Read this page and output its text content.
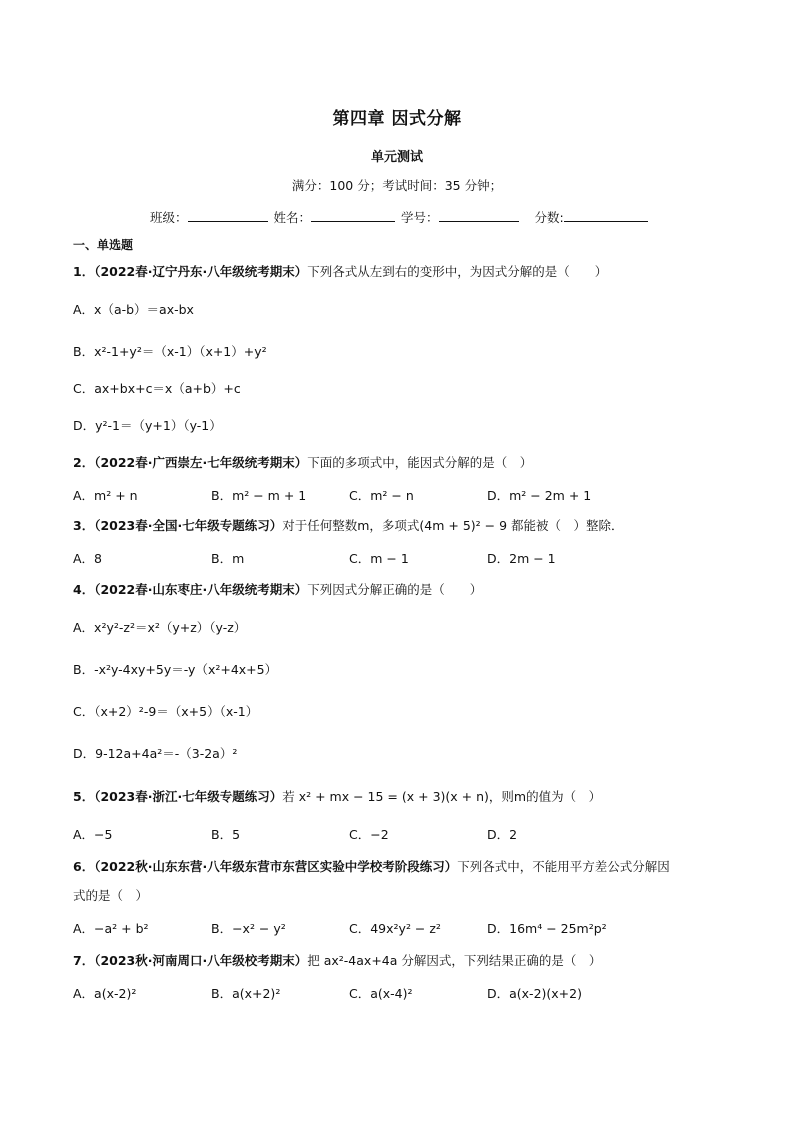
第四章 因式分解
单元测试
满分：100 分；考试时间：35 分钟；
班级：	姓名：	学号：	分数:
一、单选题
1．（2022春·辽宁丹东·八年级统考期末）下列各式从左到右的变形中，为因式分解的是（　　）
A．x（a-b）＝ax-bx
B．x²-1+y²＝（x-1）（x+1）+y²
C．ax+bx+c＝x（a+b）+c
D．y²-1＝（y+1）（y-1）
2．（2022春·广西崇左·七年级统考期末）下面的多项式中，能因式分解的是（　）
A．m² + n	B．m² − m + 1	C．m² − n	D．m² − 2m + 1
3．（2023春·全国·七年级专题练习）对于任何整数m，多项式(4m + 5)² − 9 都能被（　）整除．
A．8	B．m	C．m − 1	D．2m − 1
4．（2022春·山东枣庄·八年级统考期末）下列因式分解正确的是（　　）
A．x²y²-z²＝x²（y+z）（y-z）
B．-x²y-4xy+5y＝-y（x²+4x+5）
C．（x+2）²-9＝（x+5）（x-1）
D．9-12a+4a²＝-（3-2a）²
5．（2023春·浙江·七年级专题练习）若 x² + mx − 15 = (x + 3)(x + n)，则m的值为（　）
A．−5	B．5	C．−2	D．2
6．（2022秋·山东东营·八年级东营市东营区实验中学校考阶段练习）下列各式中，不能用平方差公式分解因
式的是（　）
A．−a² + b²	B．−x² − y²	C．49x²y² − z²	D．16m⁴ − 25m²p²
7．（2023秋·河南周口·八年级校考期末）把 ax²-4ax+4a 分解因式，下列结果正确的是（　）
A．a(x-2)²	B．a(x+2)²	C．a(x-4)²	D．a(x-2)(x+2)
